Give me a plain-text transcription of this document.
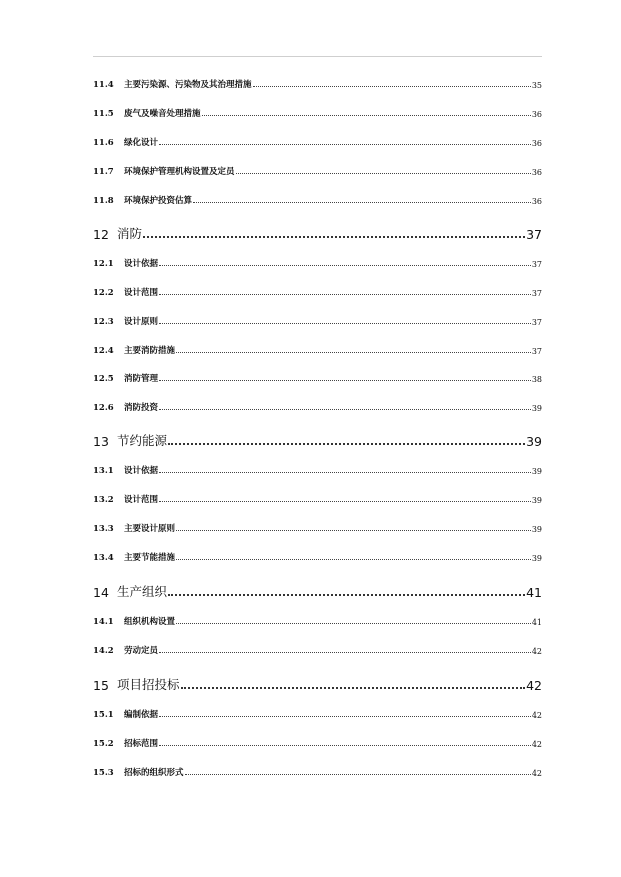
11.4	主要污染源、污染物及其治理措施	35
11.5	废气及噪音处理措施	36
11.6	绿化设计	36
11.7	环境保护管理机构设置及定员	36
11.8	环境保护投资估算	36
12 消防	37
12.1	设计依据	37
12.2	设计范围	37
12.3	设计原则	37
12.4	主要消防措施	37
12.5	消防管理	38
12.6	消防投资	39
13 节约能源	39
13.1	设计依据	39
13.2	设计范围	39
13.3	主要设计原则	39
13.4	主要节能措施	39
14 生产组织	41
14.1	组织机构设置	41
14.2	劳动定员	42
15 项目招投标	42
15.1	编制依据	42
15.2	招标范围	42
15.3	招标的组织形式	42
